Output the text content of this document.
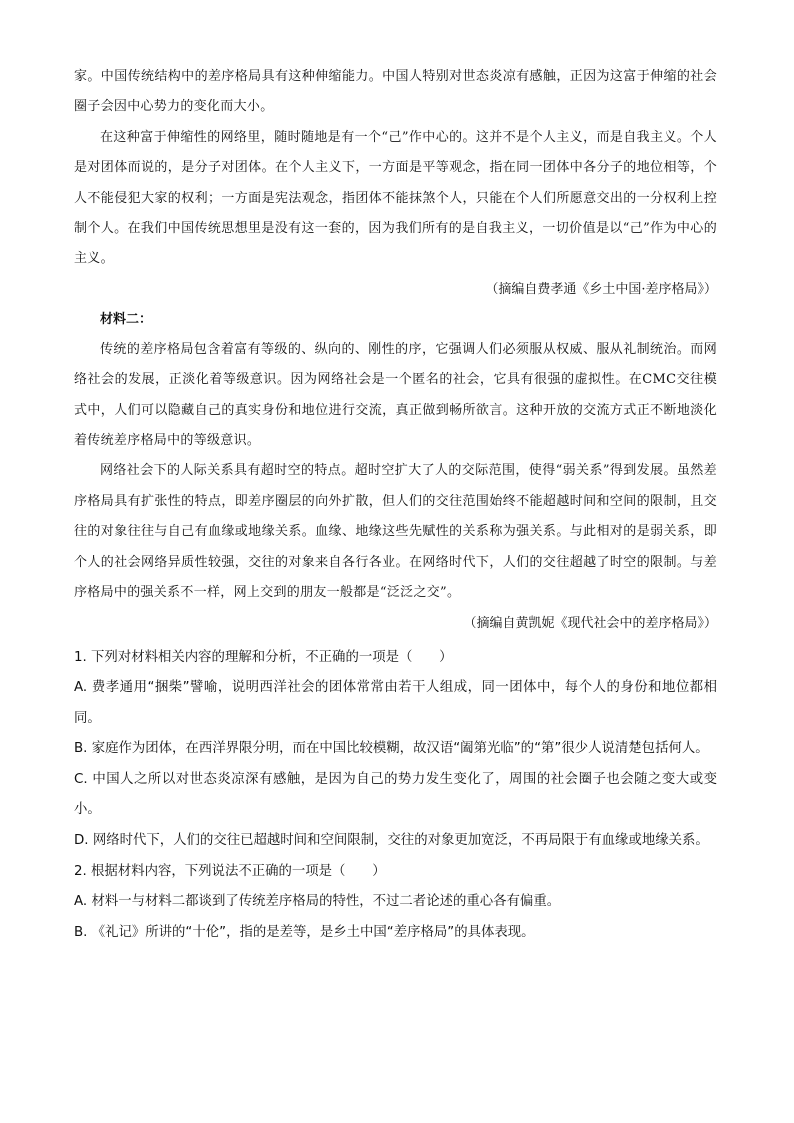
家。中国传统结构中的差序格局具有这种伸缩能力。中国人特别对世态炎凉有感触，正因为这富于伸缩的社会圈子会因中心势力的变化而大小。

在这种富于伸缩性的网络里，随时随地是有一个“己”作中心的。这并不是个人主义，而是自我主义。个人是对团体而说的，是分子对团体。在个人主义下，一方面是平等观念，指在同一团体中各分子的地位相等，个人不能侵犯大家的权利；一方面是宪法观念，指团体不能抹煞个人，只能在个人们所愿意交出的一分权利上控制个人。在我们中国传统思想里是没有这一套的，因为我们所有的是自我主义，一切价值是以“己”作为中心的主义。

（摘编自费孝通《乡土中国·差序格局》）

材料二：

传统的差序格局包含着富有等级的、纵向的、刚性的序，它强调人们必须服从权威、服从礼制统治。而网络社会的发展，正淡化着等级意识。因为网络社会是一个匿名的社会，它具有很强的虚拟性。在CMC交往模式中，人们可以隐藏自己的真实身份和地位进行交流，真正做到畅所欲言。这种开放的交流方式正不断地淡化着传统差序格局中的等级意识。

网络社会下的人际关系具有超时空的特点。超时空扩大了人的交际范围，使得“弱关系”得到发展。虽然差序格局具有扩张性的特点，即差序圈层的向外扩散，但人们的交往范围始终不能超越时间和空间的限制，且交往的对象往往与自己有血缘或地缘关系。血缘、地缘这些先赋性的关系称为强关系。与此相对的是弱关系，即个人的社会网络异质性较强，交往的对象来自各行各业。在网络时代下，人们的交往超越了时空的限制。与差序格局中的强关系不一样，网上交到的朋友一般都是“泛泛之交”。

（摘编自黄凯妮《现代社会中的差序格局》）

1. 下列对材料相关内容的理解和分析，不正确的一项是（　　）

A. 费孝通用“捆柴”譬喻，说明西洋社会的团体常常由若干人组成，同一团体中，每个人的身份和地位都相同。

B. 家庭作为团体，在西洋界限分明，而在中国比较模糊，故汉语“阖第光临”的“第”很少人说清楚包括何人。

C. 中国人之所以对世态炎凉深有感触，是因为自己的势力发生变化了，周围的社会圈子也会随之变大或变小。

D. 网络时代下，人们的交往已超越时间和空间限制，交往的对象更加宽泛，不再局限于有血缘或地缘关系。

2. 根据材料内容，下列说法不正确的一项是（　　）

A. 材料一与材料二都谈到了传统差序格局的特性，不过二者论述的重心各有偏重。

B. 《礼记》所讲的“十伦”，指的是差等，是乡土中国“差序格局”的具体表现。
